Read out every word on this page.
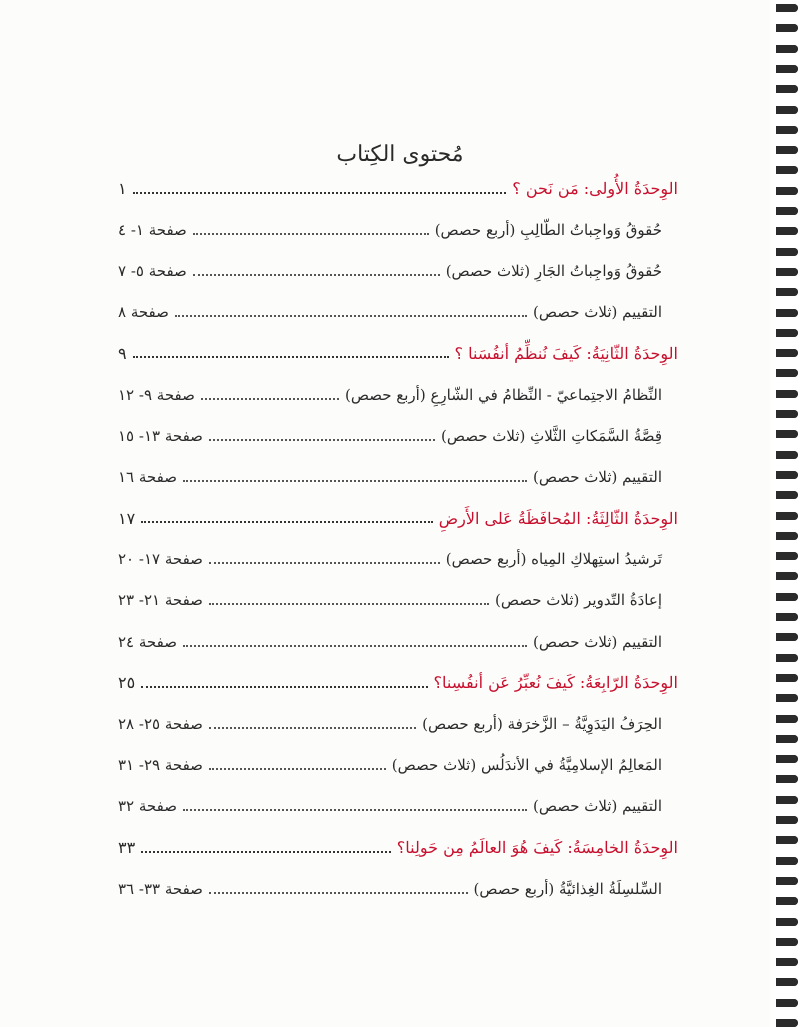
مُحتوى الكِتاب
الوِحدَةُ الأُولى: مَن نَحن ؟
١
حُقوقُ وَواجِباتُ الطّالِبِ (أربع حصص)
صفحة ١- ٤
حُقوقُ وَواجِباتُ الجَارِ (ثلاث حصص)
صفحة ٥- ٧
التقييم (ثلاث حصص)
صفحة ٨
الوِحدَةُ الثّانِيَةُ: كَيفَ نُنظِّمُ أنفُسَنا ؟
٩
النِّظامُ الاجتِماعيّ - النِّظامُ في الشّارِعِ (أربع حصص)
صفحة ٩- ١٢
قِصَّةُ السَّمَكاتِ الثَّلاثِ (ثلاث حصص)
صفحة ١٣- ١٥
التقييم (ثلاث حصص)
صفحة ١٦
الوِحدَةُ الثّالِثَةُ: المُحافَظَةُ عَلى الأَرضِ
١٧
تَرشيدُ استِهلاكِ المِياه (أربع حصص)
صفحة ١٧- ٢٠
إعادَةُ التّدوير (ثلاث حصص)
صفحة ٢١- ٢٣
التقييم (ثلاث حصص)
صفحة ٢٤
الوِحدَةُ الرّابِعَةُ: كَيفَ نُعبِّرُ عَن أنفُسِنا؟
٢٥
الحِرَفُ اليَدَوِيَّةُ – الزَّخرَفة (أربع حصص)
صفحة ٢٥- ٢٨
المَعالِمُ الإسلامِيَّةُ في الأندَلُس (ثلاث حصص)
صفحة ٢٩- ٣١
التقييم (ثلاث حصص)
صفحة ٣٢
الوِحدَةُ الخامِسَةُ: كَيفَ هُوَ العالَمُ مِن حَولِنا؟
٣٣
السِّلسِلَةُ الغِذائيَّةُ (أربع حصص)
صفحة ٣٣- ٣٦
